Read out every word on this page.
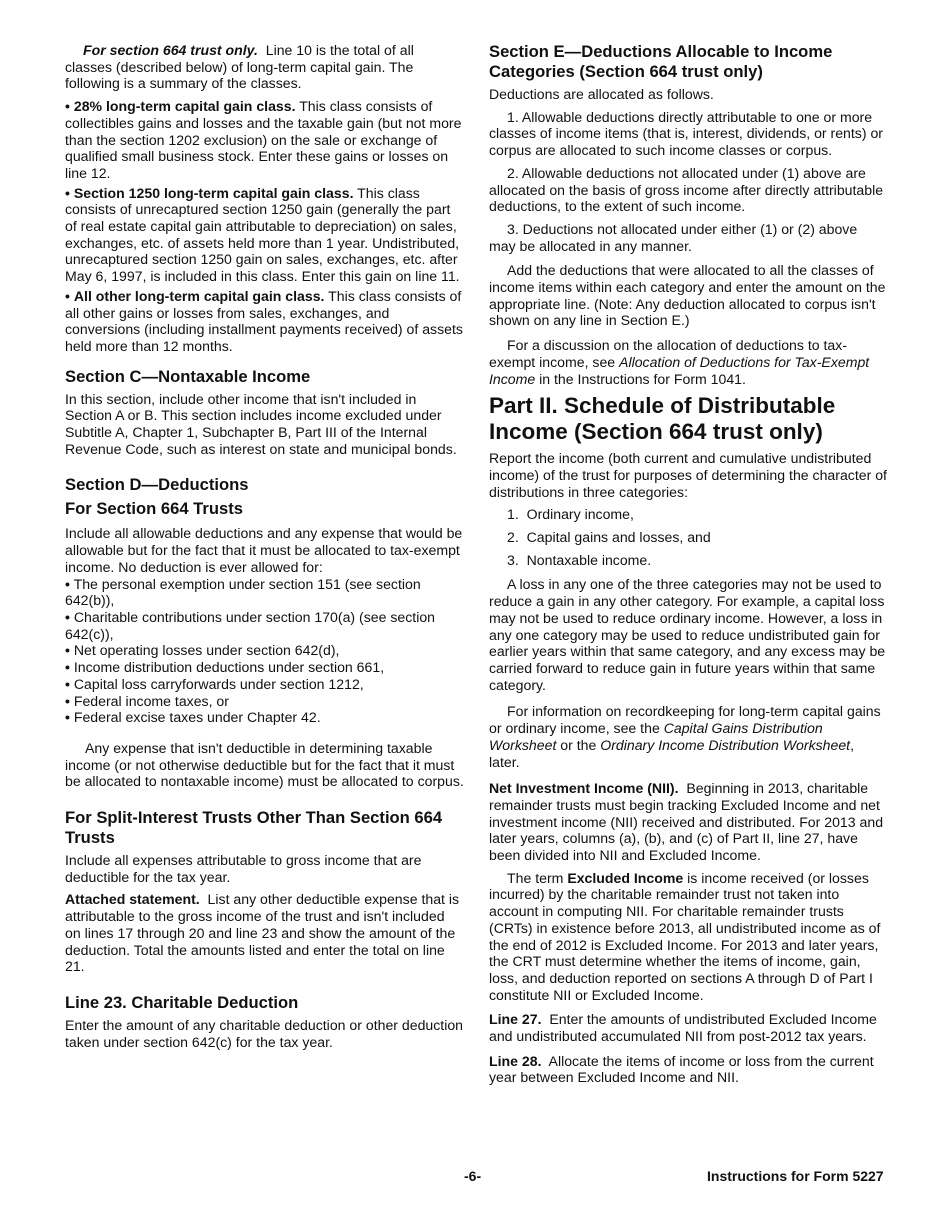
For section 664 trust only. Line 10 is the total of all classes (described below) of long-term capital gain. The following is a summary of the classes.

• 28% long-term capital gain class. This class consists of collectibles gains and losses and the taxable gain (but not more than the section 1202 exclusion) on the sale or exchange of qualified small business stock. Enter these gains or losses on line 12.

• Section 1250 long-term capital gain class. This class consists of unrecaptured section 1250 gain (generally the part of real estate capital gain attributable to depreciation) on sales, exchanges, etc. of assets held more than 1 year. Undistributed, unrecaptured section 1250 gain on sales, exchanges, etc. after May 6, 1997, is included in this class. Enter this gain on line 11.

• All other long-term capital gain class. This class consists of all other gains or losses from sales, exchanges, and conversions (including installment payments received) of assets held more than 12 months.

Section C—Nontaxable Income

In this section, include other income that isn't included in Section A or B. This section includes income excluded under Subtitle A, Chapter 1, Subchapter B, Part III of the Internal Revenue Code, such as interest on state and municipal bonds.

Section D—Deductions
For Section 664 Trusts

Include all allowable deductions and any expense that would be allowable but for the fact that it must be allocated to tax-exempt income. No deduction is ever allowed for:

• The personal exemption under section 151 (see section 642(b)),

• Charitable contributions under section 170(a) (see section 642(c)),

• Net operating losses under section 642(d),

• Income distribution deductions under section 661,

• Capital loss carryforwards under section 1212,

• Federal income taxes, or

• Federal excise taxes under Chapter 42.

Any expense that isn't deductible in determining taxable income (or not otherwise deductible but for the fact that it must be allocated to nontaxable income) must be allocated to corpus.

For Split-Interest Trusts Other Than Section 664 Trusts

Include all expenses attributable to gross income that are deductible for the tax year.

Attached statement. List any other deductible expense that is attributable to the gross income of the trust and isn't included on lines 17 through 20 and line 23 and show the amount of the deduction. Total the amounts listed and enter the total on line 21.

Line 23. Charitable Deduction

Enter the amount of any charitable deduction or other deduction taken under section 642(c) for the tax year.

Section E—Deductions Allocable to Income Categories (Section 664 trust only)

Deductions are allocated as follows.

1. Allowable deductions directly attributable to one or more classes of income items (that is, interest, dividends, or rents) or corpus are allocated to such income classes or corpus.

2. Allowable deductions not allocated under (1) above are allocated on the basis of gross income after directly attributable deductions, to the extent of such income.

3. Deductions not allocated under either (1) or (2) above may be allocated in any manner.

Add the deductions that were allocated to all the classes of income items within each category and enter the amount on the appropriate line. (Note: Any deduction allocated to corpus isn't shown on any line in Section E.)

For a discussion on the allocation of deductions to tax-exempt income, see Allocation of Deductions for Tax-Exempt Income in the Instructions for Form 1041.

Part II. Schedule of Distributable Income (Section 664 trust only)

Report the income (both current and cumulative undistributed income) of the trust for purposes of determining the character of distributions in three categories:

1. Ordinary income,
2. Capital gains and losses, and
3. Nontaxable income.

A loss in any one of the three categories may not be used to reduce a gain in any other category. For example, a capital loss may not be used to reduce ordinary income. However, a loss in any one category may be used to reduce undistributed gain for earlier years within that same category, and any excess may be carried forward to reduce gain in future years within that same category.

For information on recordkeeping for long-term capital gains or ordinary income, see the Capital Gains Distribution Worksheet or the Ordinary Income Distribution Worksheet, later.

Net Investment Income (NII). Beginning in 2013, charitable remainder trusts must begin tracking Excluded Income and net investment income (NII) received and distributed. For 2013 and later years, columns (a), (b), and (c) of Part II, line 27, have been divided into NII and Excluded Income.

The term Excluded Income is income received (or losses incurred) by the charitable remainder trust not taken into account in computing NII. For charitable remainder trusts (CRTs) in existence before 2013, all undistributed income as of the end of 2012 is Excluded Income. For 2013 and later years, the CRT must determine whether the items of income, gain, loss, and deduction reported on sections A through D of Part I constitute NII or Excluded Income.

Line 27. Enter the amounts of undistributed Excluded Income and undistributed accumulated NII from post-2012 tax years.

Line 28. Allocate the items of income or loss from the current year between Excluded Income and NII.

-6-	Instructions for Form 5227
